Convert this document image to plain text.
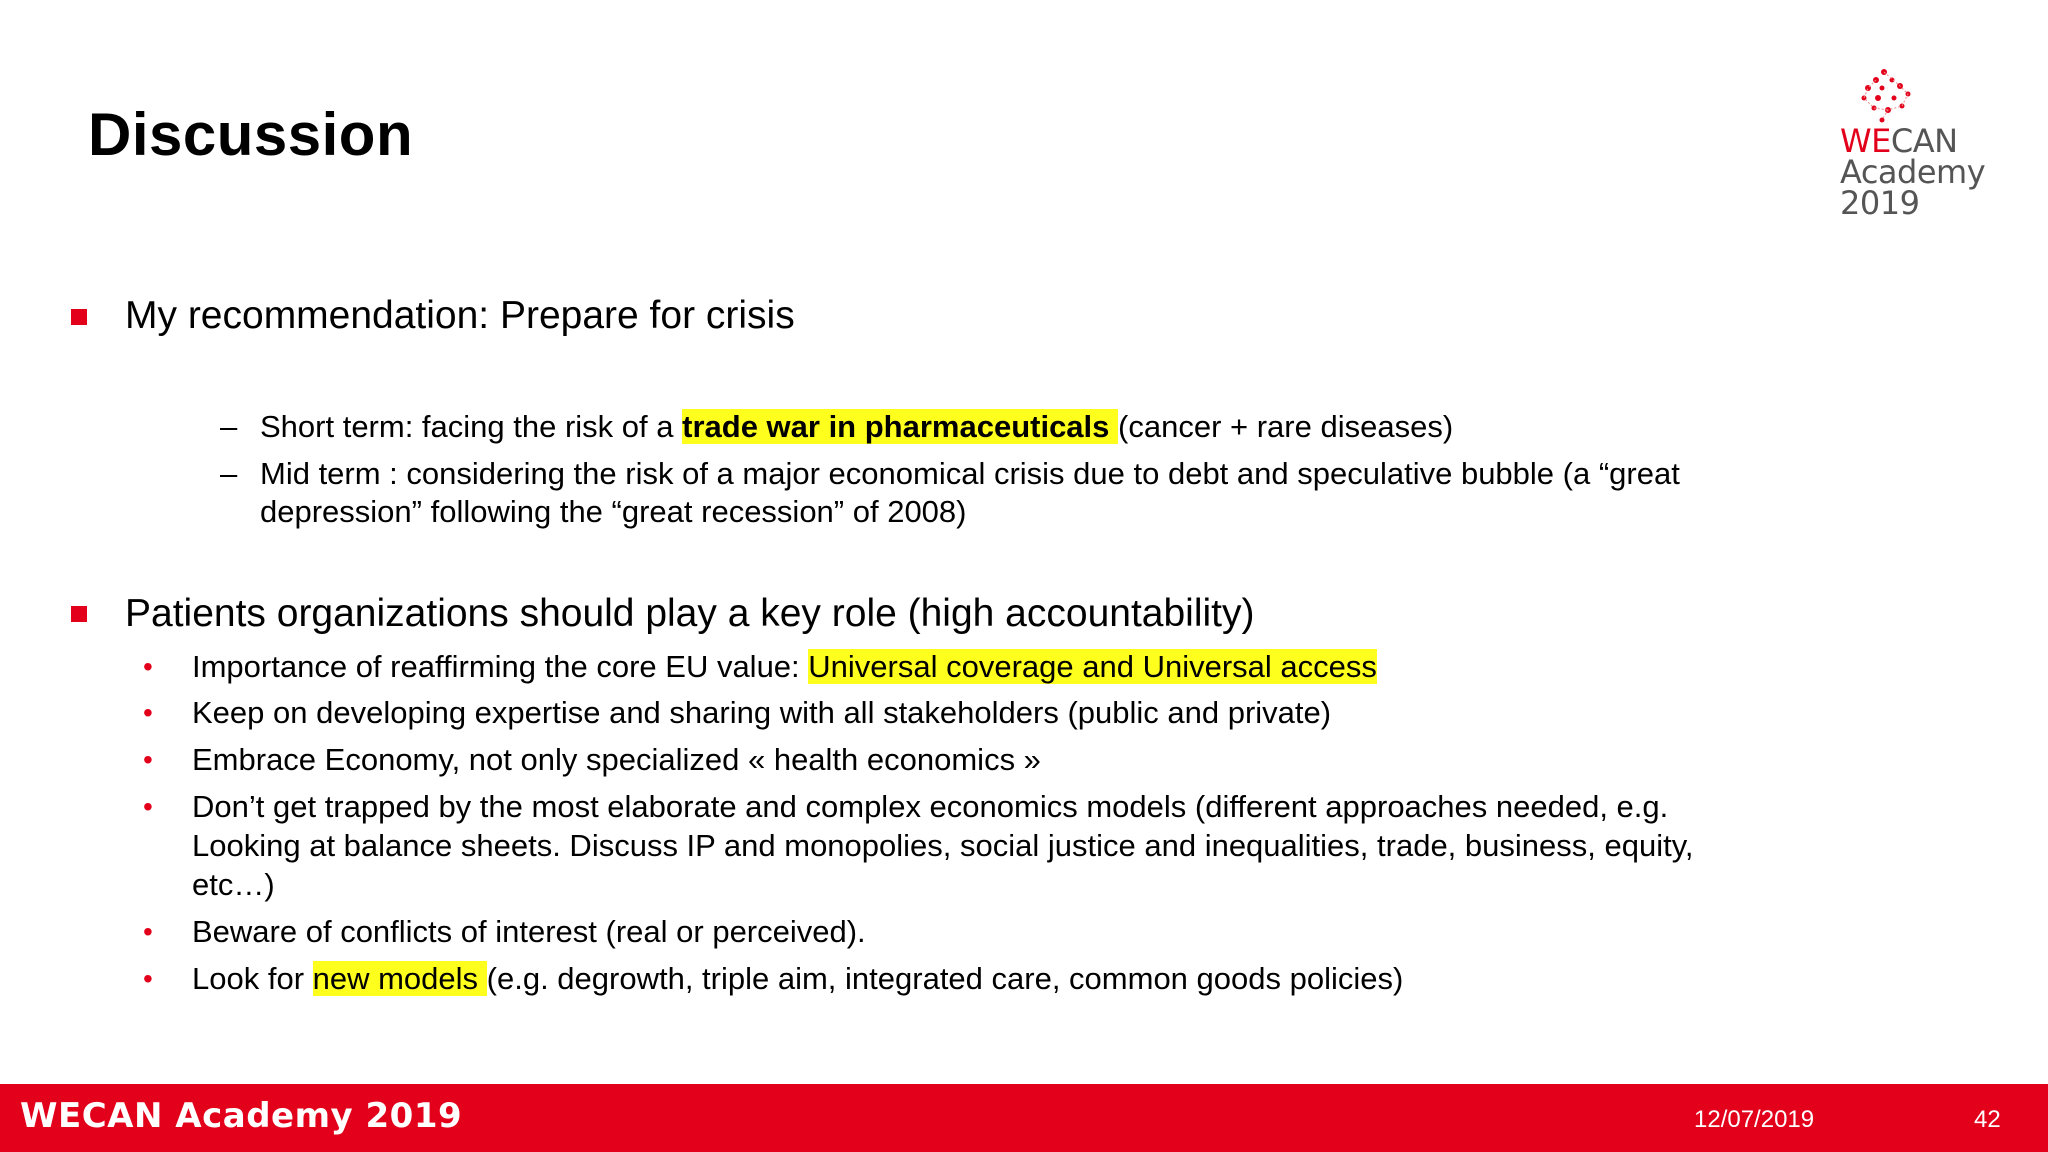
Discussion	WECAN
Academy
2019
My recommendation: Prepare for crisis
– Short term: facing the risk of a trade war in pharmaceuticals (cancer + rare diseases)
– Mid term : considering the risk of a major economical crisis due to debt and speculative bubble (a “great
depression” following the “great recession” of 2008)
Patients organizations should play a key role (high accountability)
• Importance of reaffirming the core EU value: Universal coverage and Universal access
• Keep on developing expertise and sharing with all stakeholders (public and private)
• Embrace Economy, not only specialized « health economics »
• Don’t get trapped by the most elaborate and complex economics models (different approaches needed, e.g.
Looking at balance sheets. Discuss IP and monopolies, social justice and inequalities, trade, business, equity,
etc…)
• Beware of conflicts of interest (real or perceived).
• Look for new models (e.g. degrowth, triple aim, integrated care, common goods policies)
WECAN Academy 2019	12/07/2019	42
